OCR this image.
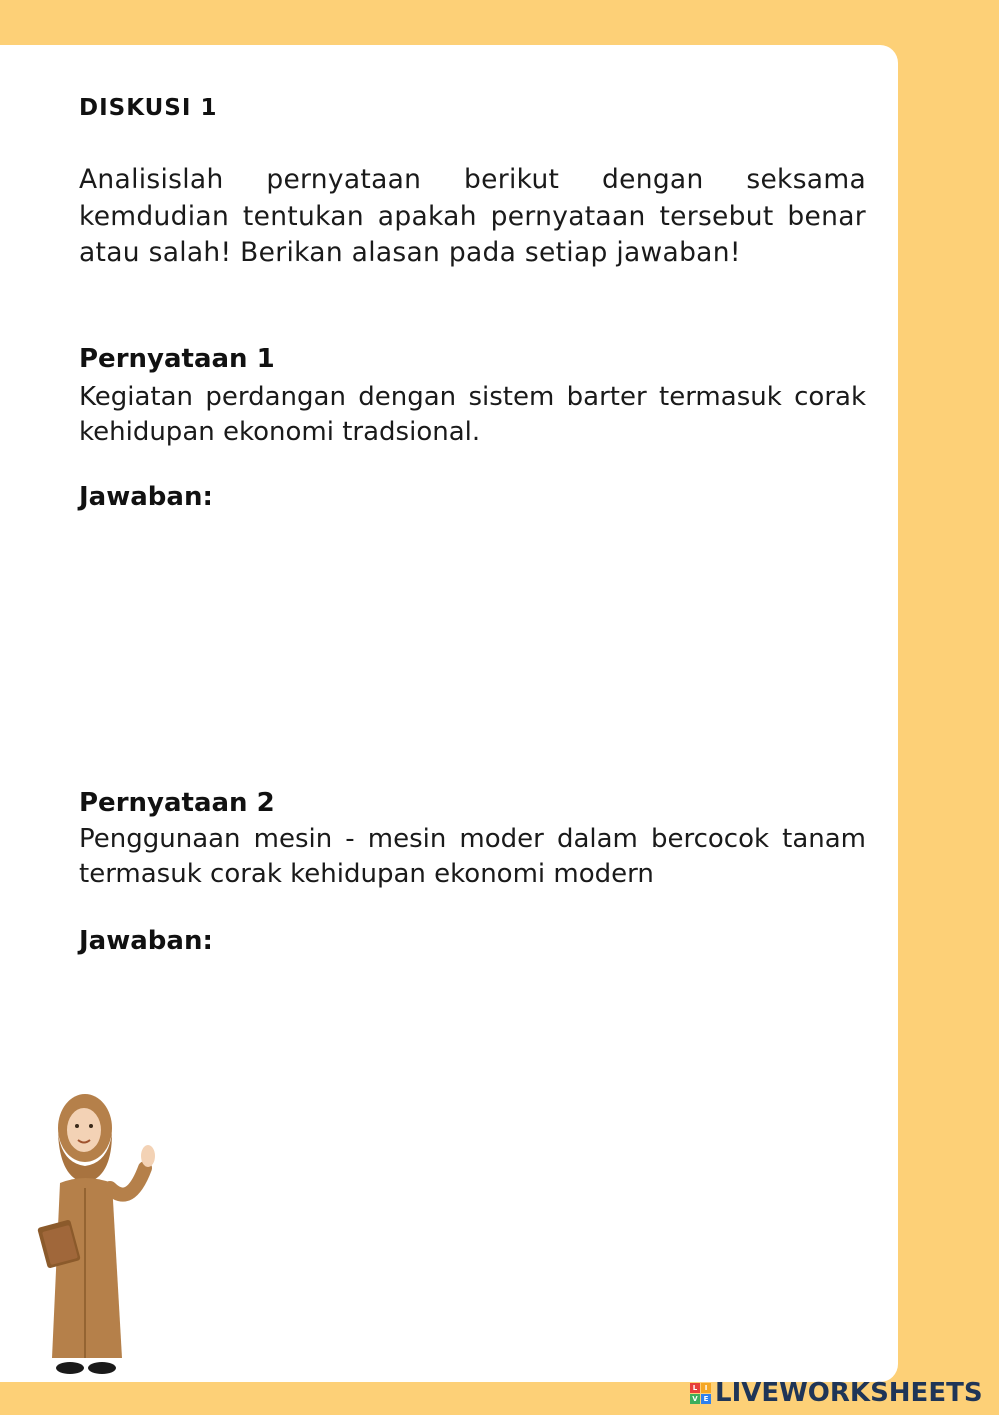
DISKUSI 1
Analisislah pernyataan berikut dengan seksama kemdudian tentukan apakah pernyataan tersebut benar atau salah! Berikan alasan pada setiap jawaban!
Pernyataan 1
Kegiatan perdangan dengan sistem barter termasuk corak kehidupan ekonomi tradsional.
Jawaban:
Pernyataan 2
Penggunaan mesin - mesin moder dalam bercocok tanam termasuk corak kehidupan ekonomi modern
Jawaban:
L	I
V E LIVEWORKSHEETS
